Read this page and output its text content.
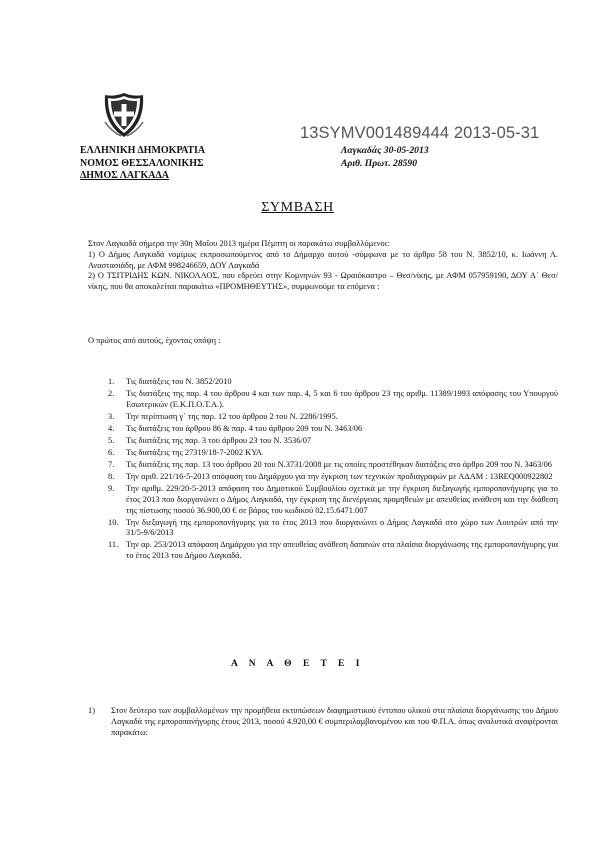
13SYMV001489444 2013-05-31
ΕΛΛΗΝΙΚΗ ΔΗΜΟΚΡΑΤΙΑ
ΝΟΜΟΣ ΘΕΣΣΑΛΟΝΙΚΗΣ
ΔΗΜΟΣ ΛΑΓΚΑΔΑ
Λαγκαδάς 30-05-2013
Αριθ. Πρωτ. 28590
ΣΥΜΒΑΣΗ

Στον Λαγκαδά σήμερα την 30η Μαΐου 2013 ημέρα Πέμπτη οι παρακάτω συμβαλλόμενοι:

1) Ο Δήμος Λαγκαδά νομίμως εκπροσωπούμενος από το Δήμαρχο αυτού -σύμφωνα με το άρθρο 58 του Ν. 3852/10, κ. Ιωάννη Α. Αναστασιάδη, με ΑΦΜ 998246659, ΔΟΥ Λαγκαδά

2) Ο ΤΣΙΤΡΙΔΗΣ ΚΩΝ. ΝΙΚΟΛΑΟΣ, που εδρεύει στην Κομνηνών 93 - Ωραιόκαστρο – Θεσ/νίκης, με ΑΦΜ 057959190, ΔΟΥ Α΄ Θεσ/νίκης, που θα αποκαλείται παρακάτω «ΠΡΟΜΗΘΕΥΤΗΣ», συμφωνούμε τα επόμενα :

Ο πρώτος από αυτούς, έχοντας υπόψη :
1. Τις διατάξεις του Ν. 3852/2010
2. Τις διατάξεις της παρ. 4 του άρθρου 4 και των παρ. 4, 5 και 6 του άρθρου 23 της αριθμ. 11389/1993 απόφασης του Υπουργού Εσωτερικών (Ε.Κ.Π.Ο.Τ.Α.).
3. Την περίπτωση γ΄ της παρ. 12 του άρθρου 2 του Ν. 2286/1995.
4. Τις διατάξεις του άρθρου 86 & παρ. 4 του άρθρου 209 του Ν. 3463/06
5. Τις διατάξεις της παρ. 3 του άρθρου 23 του Ν. 3536/07
6. Τις διατάξεις της 27319/18-7-2002 ΚΥΑ
7. Τις διατάξεις της παρ. 13 του άρθρου 20 του Ν.3731/2008 με τις οποίες προστέθηκαν διατάξεις στο άρθρο 209 του Ν. 3463/06
8. Την αριθ. 221/16-5-2013 απόφαση του Δημάρχου για την έγκριση των τεχνικών προδιαγραφών με ΑΔΑΜ : 13REQ000922802
9. Την αριθμ. 229/20-5-2013 απόφαση του Δημοτικού Συμβουλίου σχετικά με την έγκριση διεξαγωγής εμποροπανήγυρης για το έτος 2013 που διοργανώνει ο Δήμος Λαγκαδά, την έγκριση της διενέργειας προμηθειών με απευθείας ανάθεση και την διάθεση της πίστωσης ποσού 36.900,00 € σε βάρος του κωδικού 02.15.6471.007
10. Την διεξαγωγή της εμποροπανήγυρης για το έτος 2013 που διοργανώνει ο Δήμος Λαγκαδά στο χώρο των Λουτρών από την 31/5-9/6/2013
11. Την αρ. 253/2013 απόφαση Δημάρχου για την απευθείας ανάθεση δαπανών στα πλαίσια διοργάνωσης της εμποροπανήγυρης για το έτος 2013 του Δήμου Λαγκαδά.
Α Ν Α Θ Ε Τ Ε Ι
1) Στον δεύτερο των συμβαλλομένων την προμήθεια εκτυπώσεων διαφημιστικού έντυπου υλικού στα πλαίσια διοργάνωσης του Δήμου Λαγκαδά της εμποροπανήγυρης έτους 2013, ποσού 4.920,00 € συμπεριλαμβανομένου και του Φ.Π.Α. όπως αναλυτικά αναφέρονται παρακάτω:
